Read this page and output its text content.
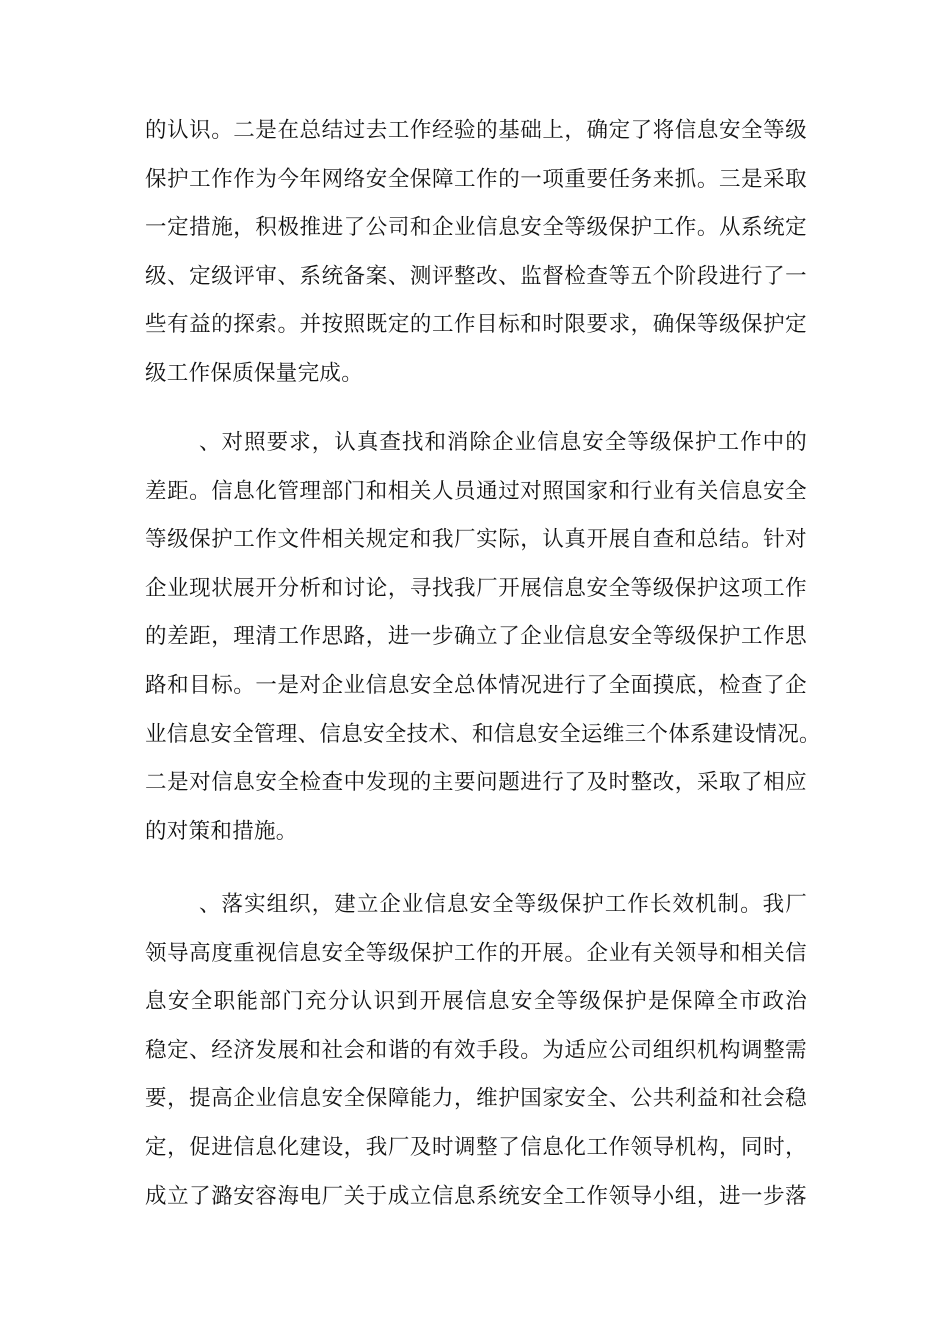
的认识。二是在总结过去工作经验的基础上，确定了将信息安全等级
保护工作作为今年网络安全保障工作的一项重要任务来抓。三是采取
一定措施，积极推进了公司和企业信息安全等级保护工作。从系统定
级、定级评审、系统备案、测评整改、监督检查等五个阶段进行了一
些有益的探索。并按照既定的工作目标和时限要求，确保等级保护定
级工作保质保量完成。
、对照要求，认真查找和消除企业信息安全等级保护工作中的
差距。信息化管理部门和相关人员通过对照国家和行业有关信息安全
等级保护工作文件相关规定和我厂实际，认真开展自查和总结。针对
企业现状展开分析和讨论，寻找我厂开展信息安全等级保护这项工作
的差距，理清工作思路，进一步确立了企业信息安全等级保护工作思
路和目标。一是对企业信息安全总体情况进行了全面摸底，检查了企
业信息安全管理、信息安全技术、和信息安全运维三个体系建设情况。
二是对信息安全检查中发现的主要问题进行了及时整改，采取了相应
的对策和措施。
、落实组织，建立企业信息安全等级保护工作长效机制。我厂
领导高度重视信息安全等级保护工作的开展。企业有关领导和相关信
息安全职能部门充分认识到开展信息安全等级保护是保障全市政治
稳定、经济发展和社会和谐的有效手段。为适应公司组织机构调整需
要，提高企业信息安全保障能力，维护国家安全、公共利益和社会稳
定，促进信息化建设，我厂及时调整了信息化工作领导机构，同时，
成立了潞安容海电厂关于成立信息系统安全工作领导小组，进一步落
